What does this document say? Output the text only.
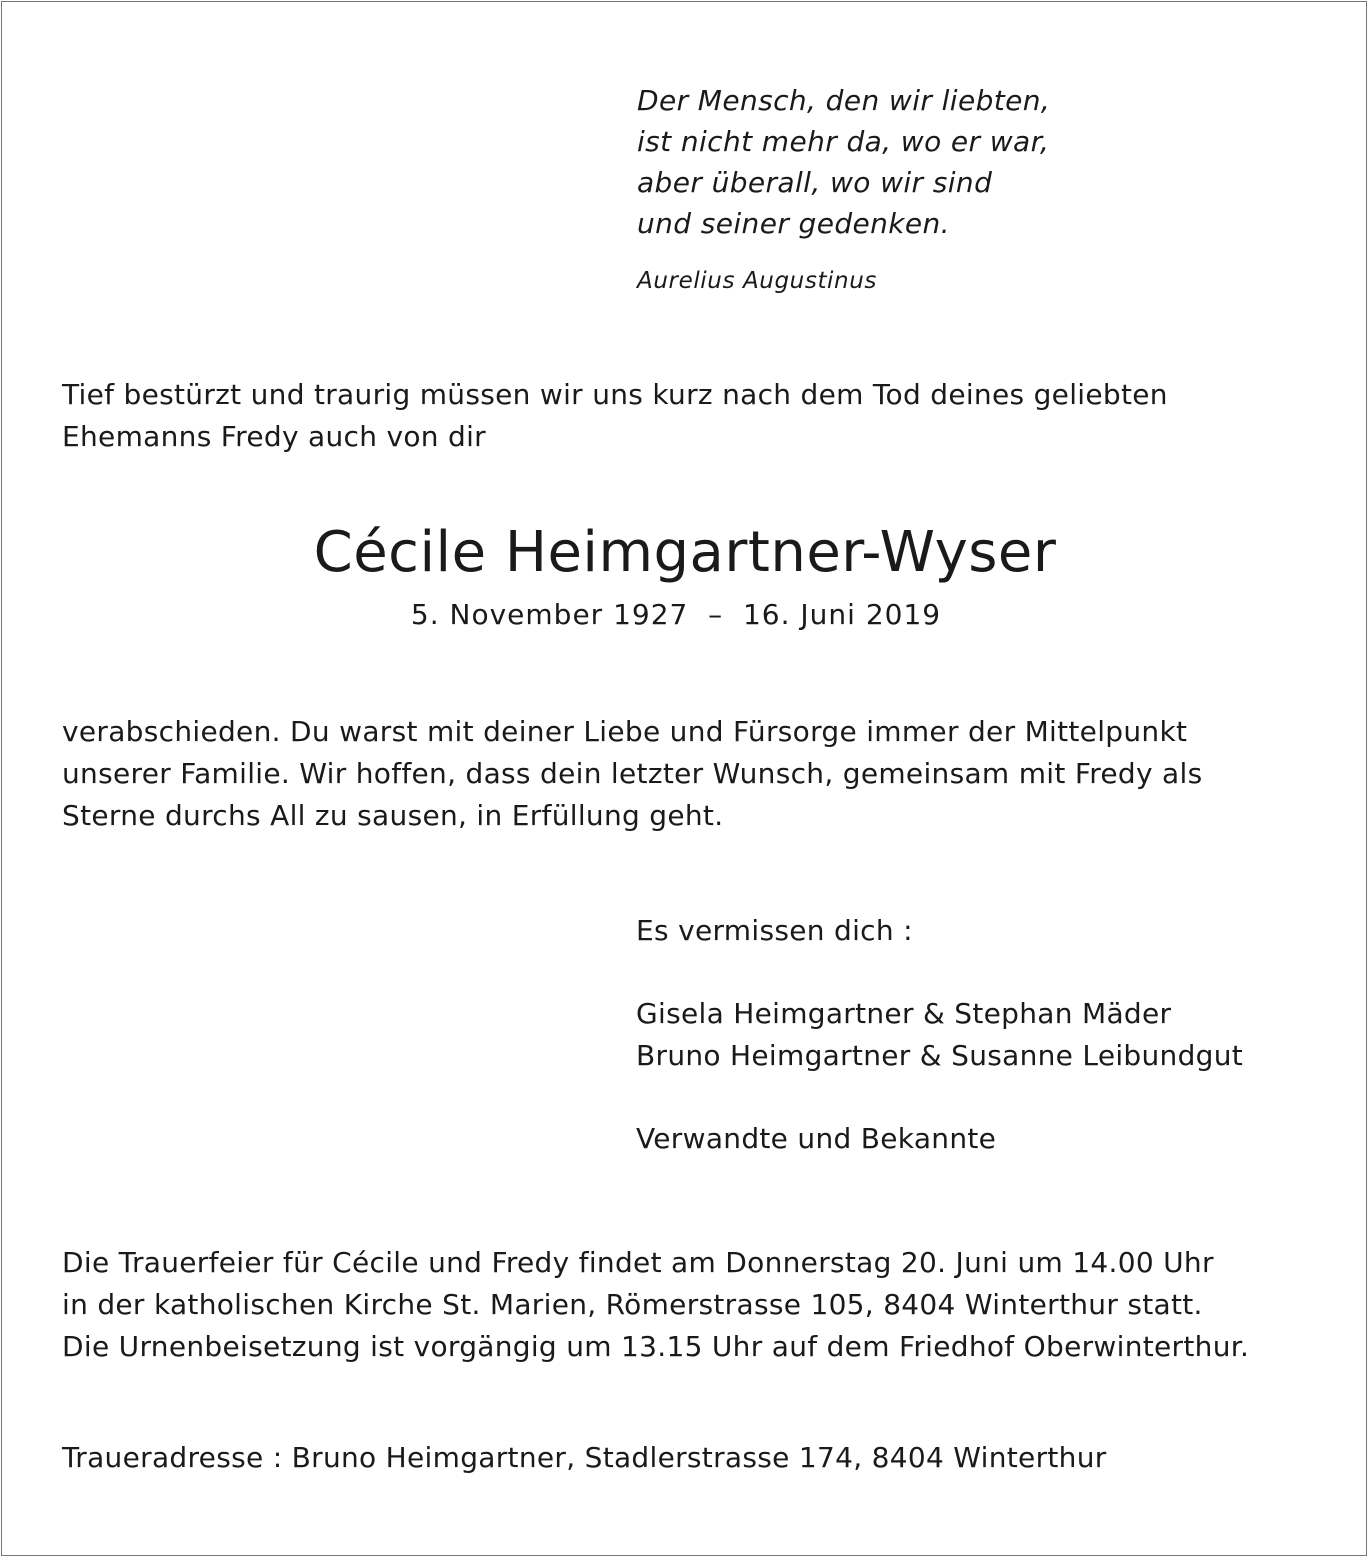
Der Mensch, den wir liebten,
ist nicht mehr da, wo er war,
aber überall, wo wir sind
und seiner gedenken.
Aurelius Augustinus
Tief bestürzt und traurig müssen wir uns kurz nach dem Tod deines geliebten
Ehemanns Fredy auch von dir
Cécile Heimgartner-Wyser
5. November 1927  –  16. Juni 2019
verabschieden. Du warst mit deiner Liebe und Fürsorge immer der Mittelpunkt
unserer Familie. Wir hoffen, dass dein letzter Wunsch, gemeinsam mit Fredy als
Sterne durchs All zu sausen, in Erfüllung geht.
Es vermissen dich :
Gisela Heimgartner & Stephan Mäder
Bruno Heimgartner & Susanne Leibundgut
Verwandte und Bekannte
Die Trauerfeier für Cécile und Fredy findet am Donnerstag 20. Juni um 14.00 Uhr
in der katholischen Kirche St. Marien, Römerstrasse 105, 8404 Winterthur statt.
Die Urnenbeisetzung ist vorgängig um 13.15 Uhr auf dem Friedhof Oberwinterthur.
Traueradresse : Bruno Heimgartner, Stadlerstrasse 174, 8404 Winterthur
